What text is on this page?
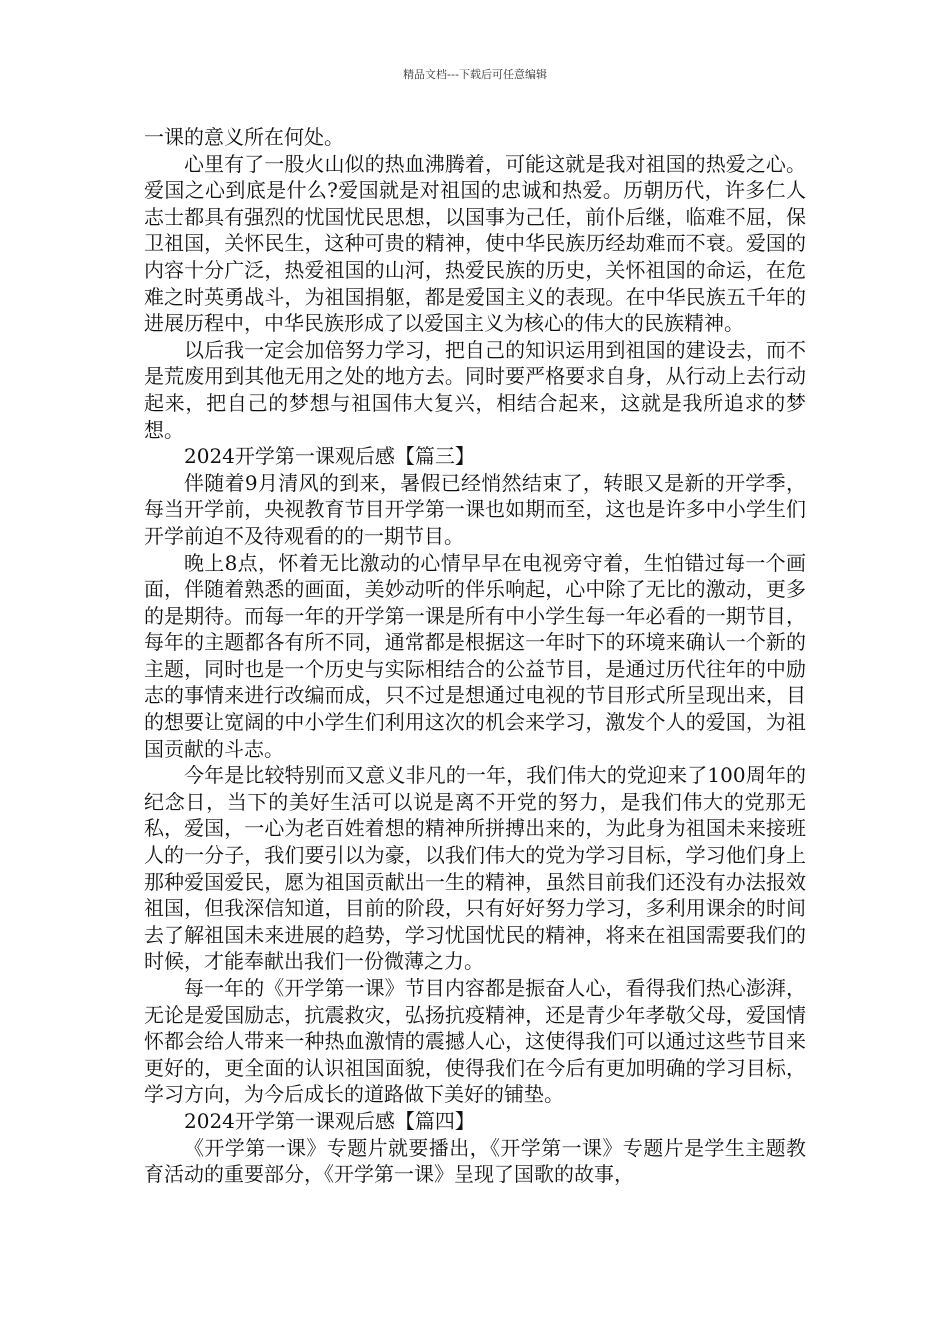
精品文档---下载后可任意编辑

一课的意义所在何处。

心里有了一股火山似的热血沸腾着，可能这就是我对祖国的热爱之心。爱国之心到底是什么?爱国就是对祖国的忠诚和热爱。历朝历代，许多仁人志士都具有强烈的忧国忧民思想，以国事为己任，前仆后继，临难不屈，保卫祖国，关怀民生，这种可贵的精神，使中华民族历经劫难而不衰。爱国的内容十分广泛，热爱祖国的山河，热爱民族的历史，关怀祖国的命运，在危难之时英勇战斗，为祖国捐躯，都是爱国主义的表现。在中华民族五千年的进展历程中，中华民族形成了以爱国主义为核心的伟大的民族精神。

以后我一定会加倍努力学习，把自己的知识运用到祖国的建设去，而不是荒废用到其他无用之处的地方去。同时要严格要求自身，从行动上去行动起来，把自己的梦想与祖国伟大复兴，相结合起来，这就是我所追求的梦想。

2024开学第一课观后感【篇三】

伴随着9月清风的到来，暑假已经悄然结束了，转眼又是新的开学季，每当开学前，央视教育节目开学第一课也如期而至，这也是许多中小学生们开学前迫不及待观看的的一期节目。

晚上8点，怀着无比激动的心情早早在电视旁守着，生怕错过每一个画面，伴随着熟悉的画面，美妙动听的伴乐响起，心中除了无比的激动，更多的是期待。而每一年的开学第一课是所有中小学生每一年必看的一期节目，每年的主题都各有所不同，通常都是根据这一年时下的环境来确认一个新的主题，同时也是一个历史与实际相结合的公益节目，是通过历代往年的中励志的事情来进行改编而成，只不过是想通过电视的节目形式所呈现出来，目的想要让宽阔的中小学生们利用这次的机会来学习，激发个人的爱国，为祖国贡献的斗志。

今年是比较特别而又意义非凡的一年，我们伟大的党迎来了100周年的纪念日，当下的美好生活可以说是离不开党的努力，是我们伟大的党那无私，爱国，一心为老百姓着想的精神所拼搏出来的，为此身为祖国未来接班人的一分子，我们要引以为豪，以我们伟大的党为学习目标，学习他们身上那种爱国爱民，愿为祖国贡献出一生的精神，虽然目前我们还没有办法报效祖国，但我深信知道，目前的阶段，只有好好努力学习，多利用课余的时间去了解祖国未来进展的趋势，学习忧国忧民的精神，将来在祖国需要我们的时候，才能奉献出我们一份微薄之力。

每一年的《开学第一课》节目内容都是振奋人心，看得我们热心澎湃，无论是爱国励志，抗震救灾，弘扬抗疫精神，还是青少年孝敬父母，爱国情怀都会给人带来一种热血激情的震撼人心，这使得我们可以通过这些节目来更好的，更全面的认识祖国面貌，使得我们在今后有更加明确的学习目标，学习方向，为今后成长的道路做下美好的铺垫。

2024开学第一课观后感【篇四】

《开学第一课》专题片就要播出，《开学第一课》专题片是学生主题教育活动的重要部分，《开学第一课》呈现了国歌的故事，
